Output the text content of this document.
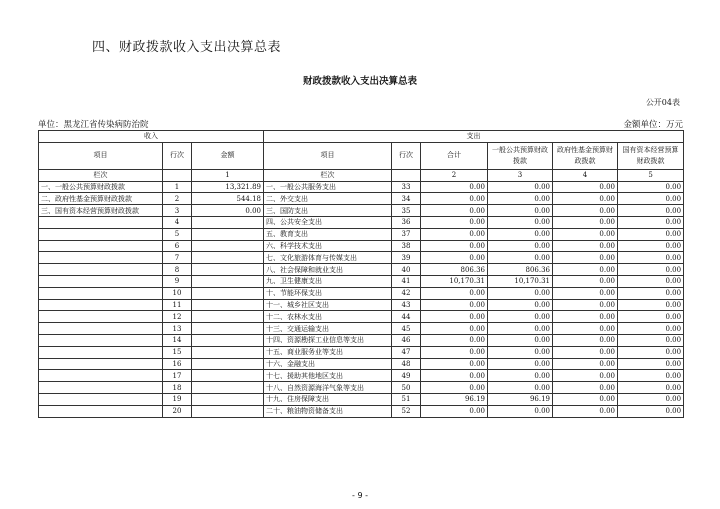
四、财政拨款收入支出决算总表
财政拨款收入支出决算总表
公开04表
单位：黑龙江省传染病防治院	金额单位：万元
收入			支出					
项目	行次	金额	项目	行次	合计	一般公共预算财政拨款	政府性基金预算财政拨款	国有资本经营预算财政拨款
栏次		1	栏次		2	3	4	5
一、一般公共预算财政拨款	1	13,321.89	一、一般公共服务支出	33	0.00	0.00	0.00	0.00
二、政府性基金预算财政拨款	2	544.18	二、外交支出	34	0.00	0.00	0.00	0.00
三、国有资本经营预算财政拨款	3	0.00	三、国防支出	35	0.00	0.00	0.00	0.00
	4		四、公共安全支出	36	0.00	0.00	0.00	0.00
	5		五、教育支出	37	0.00	0.00	0.00	0.00
	6		六、科学技术支出	38	0.00	0.00	0.00	0.00
	7		七、文化旅游体育与传媒支出	39	0.00	0.00	0.00	0.00
	8		八、社会保障和就业支出	40	806.36	806.36	0.00	0.00
	9		九、卫生健康支出	41	10,170.31	10,170.31	0.00	0.00
	10		十、节能环保支出	42	0.00	0.00	0.00	0.00
	11		十一、城乡社区支出	43	0.00	0.00	0.00	0.00
	12		十二、农林水支出	44	0.00	0.00	0.00	0.00
	13		十三、交通运输支出	45	0.00	0.00	0.00	0.00
	14		十四、资源勘探工业信息等支出	46	0.00	0.00	0.00	0.00
	15		十五、商业服务业等支出	47	0.00	0.00	0.00	0.00
	16		十六、金融支出	48	0.00	0.00	0.00	0.00
	17		十七、援助其他地区支出	49	0.00	0.00	0.00	0.00
	18		十八、自然资源海洋气象等支出	50	0.00	0.00	0.00	0.00
	19		十九、住房保障支出	51	96.19	96.19	0.00	0.00
	20		二十、粮油物资储备支出	52	0.00	0.00	0.00	0.00
- 9 -
